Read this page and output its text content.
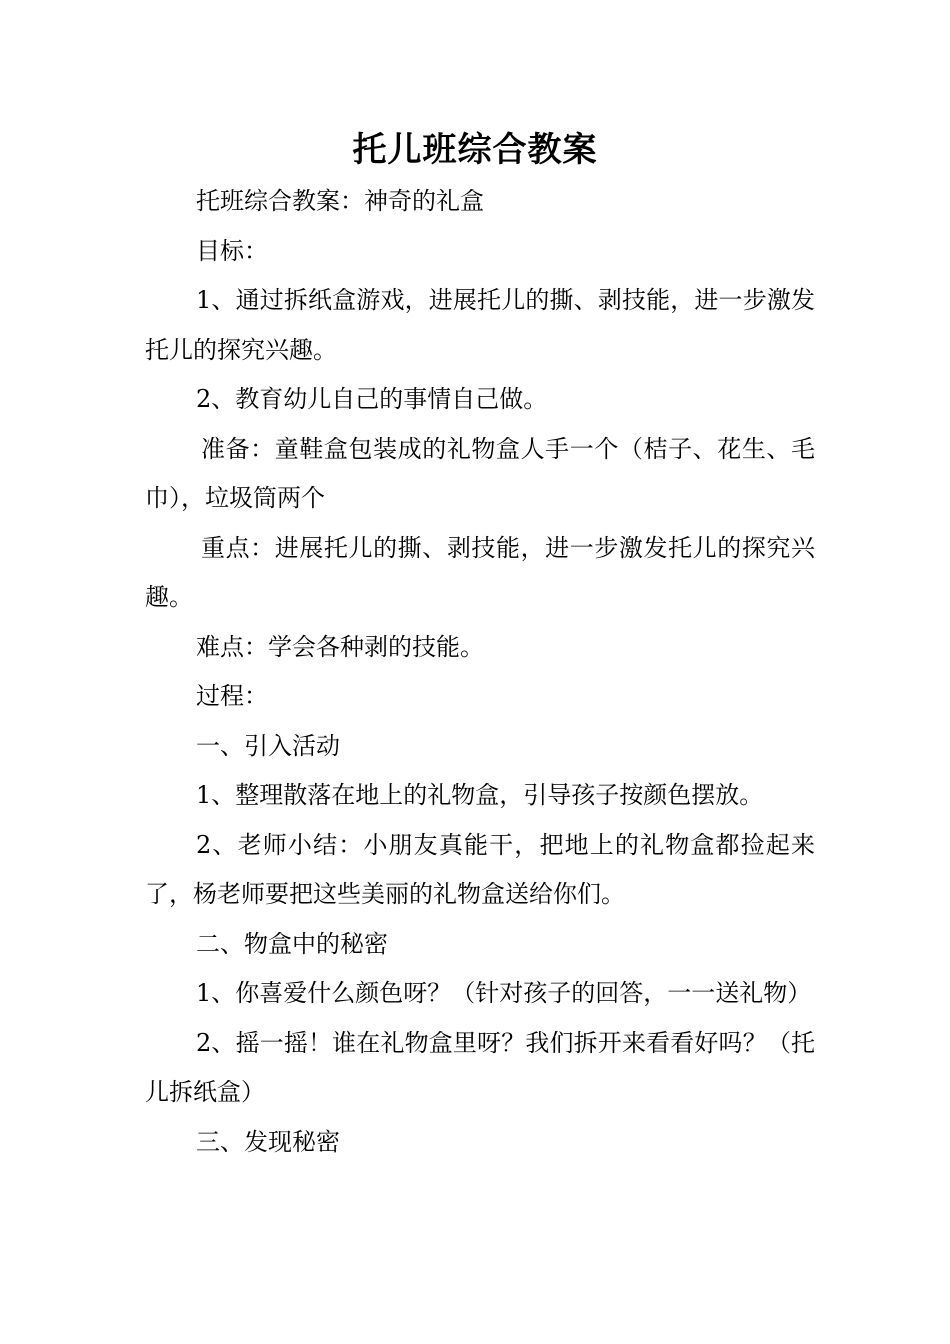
托儿班综合教案

托班综合教案：神奇的礼盒

目标：

1、通过拆纸盒游戏，进展托儿的撕、剥技能，进一步激发托儿的探究兴趣。

2、教育幼儿自己的事情自己做。

准备：童鞋盒包装成的礼物盒人手一个（桔子、花生、毛巾），垃圾筒两个

重点：进展托儿的撕、剥技能，进一步激发托儿的探究兴趣。

难点：学会各种剥的技能。

过程：

一、引入活动

1、整理散落在地上的礼物盒，引导孩子按颜色摆放。

2、老师小结：小朋友真能干，把地上的礼物盒都捡起来了，杨老师要把这些美丽的礼物盒送给你们。

二、物盒中的秘密

1、你喜爱什么颜色呀？（针对孩子的回答，一一送礼物）

2、摇一摇！谁在礼物盒里呀？我们拆开来看看好吗？（托儿拆纸盒）

三、发现秘密
